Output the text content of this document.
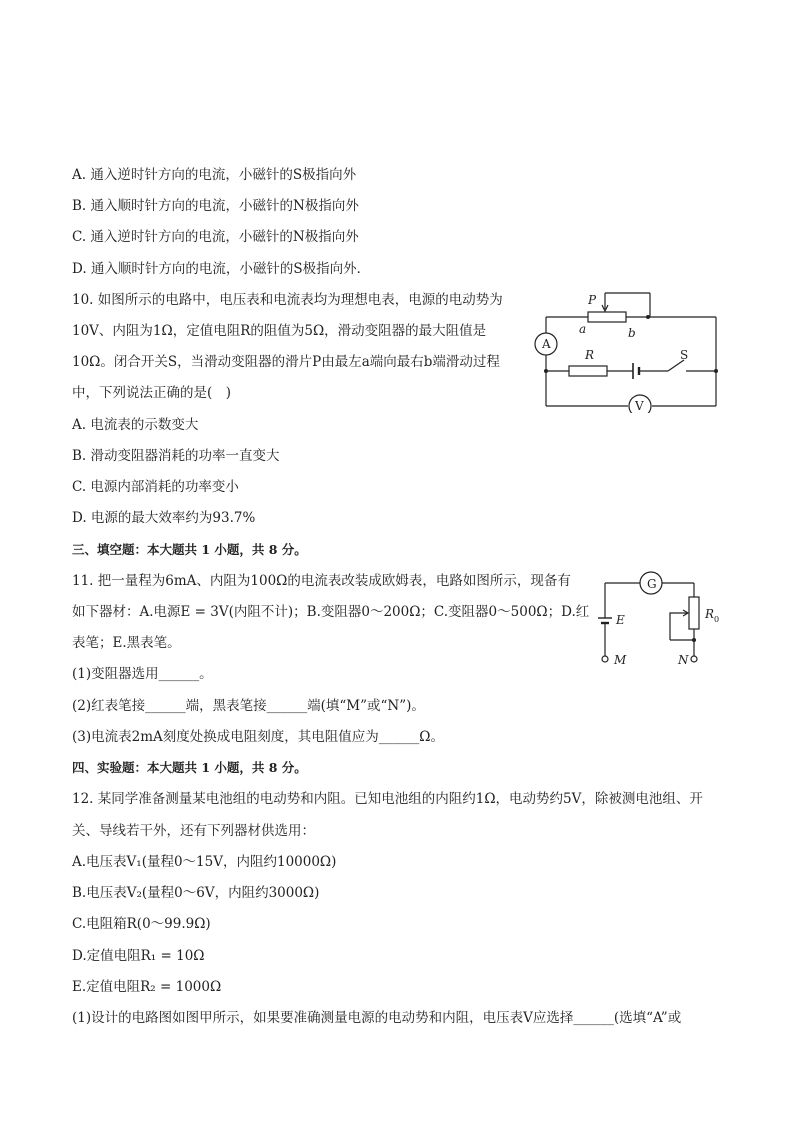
A. 通入逆时针方向的电流，小磁针的S极指向外
B. 通入顺时针方向的电流，小磁针的N极指向外
C. 通入逆时针方向的电流，小磁针的N极指向外
D. 通入顺时针方向的电流，小磁针的S极指向外．
10. 如图所示的电路中，电压表和电流表均为理想电表，电源的电动势为
10V、内阻为1Ω，定值电阻R的阻值为5Ω，滑动变阻器的最大阻值是
10Ω。闭合开关S，当滑动变阻器的滑片P由最左a端向最右b端滑动过程
中，下列说法正确的是(　)
A. 电流表的示数变大
B. 滑动变阻器消耗的功率一直变大
C. 电源内部消耗的功率变小
D. 电源的最大效率约为93.7%
P
a	b
A
R	S
V
三、填空题：本大题共 1 小题，共 8 分。
11. 把一量程为6mA、内阻为100Ω的电流表改装成欧姆表，电路如图所示，现备有
如下器材：A.电源E = 3V(内阻不计)；B.变阻器0～200Ω；C.变阻器0～500Ω；D.红
表笔；E.黑表笔。
(1)变阻器选用______。
(2)红表笔接______端，黑表笔接______端(填“M”或“N”)。
(3)电流表2mA刻度处换成电阻刻度，其电阻值应为______Ω。
G
E	R 0
M	N
四、实验题：本大题共 1 小题，共 8 分。
12. 某同学准备测量某电池组的电动势和内阻。已知电池组的内阻约1Ω，电动势约5V，除被测电池组、开
关、导线若干外，还有下列器材供选用：
A.电压表V₁(量程0～15V，内阻约10000Ω)
B.电压表V₂(量程0～6V，内阻约3000Ω)
C.电阻箱R(0～99.9Ω)
D.定值电阻R₁ = 10Ω
E.定值电阻R₂ = 1000Ω
(1)设计的电路图如图甲所示，如果要准确测量电源的电动势和内阻，电压表V应选择______(选填“A”或
